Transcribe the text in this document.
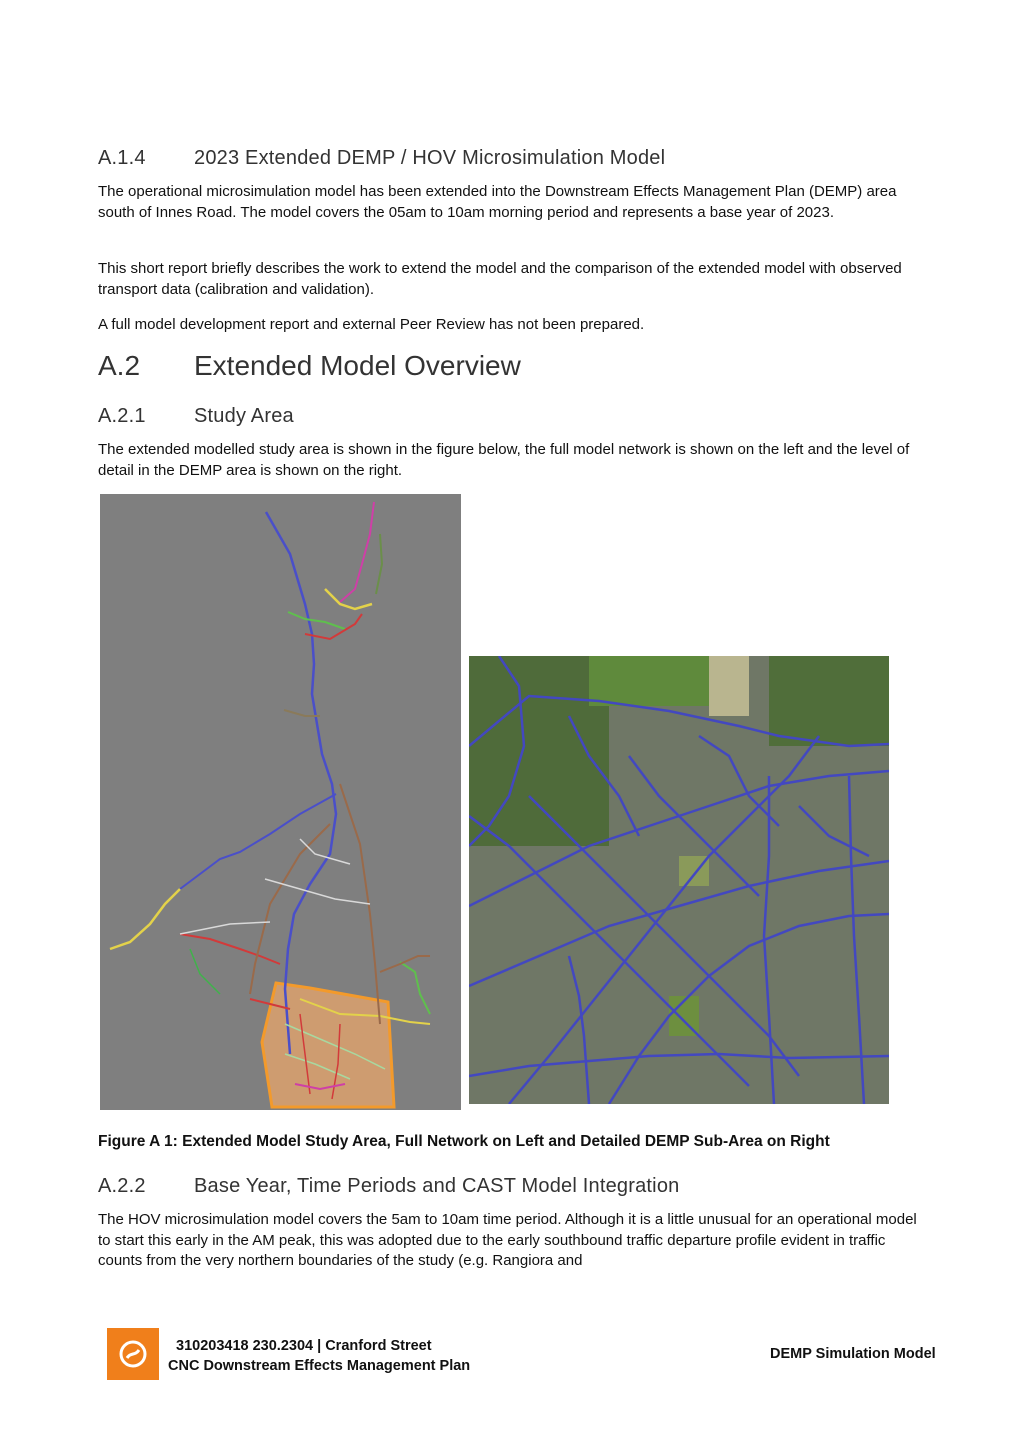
A.1.4 2023 Extended DEMP / HOV Microsimulation Model

The operational microsimulation model has been extended into the Downstream Effects Management Plan (DEMP) area south of Innes Road. The model covers the 05am to 10am morning period and represents a base year of 2023.

This short report briefly describes the work to extend the model and the comparison of the extended model with observed transport data (calibration and validation).

A full model development report and external Peer Review has not been prepared.

A.2 Extended Model Overview
A.2.1 Study Area

The extended modelled study area is shown in the figure below, the full model network is shown on the left and the level of detail in the DEMP area is shown on the right.

Figure A 1: Extended Model Study Area, Full Network on Left and Detailed DEMP Sub-Area on Right

A.2.2 Base Year, Time Periods and CAST Model Integration

The HOV microsimulation model covers the 5am to 10am time period. Although it is a little unusual for an operational model to start this early in the AM peak, this was adopted due to the early southbound traffic departure profile evident in traffic counts from the very northern boundaries of the study (e.g. Rangiora and

310203418 230.2304 | Cranford Street
CNC Downstream Effects Management Plan
DEMP Simulation Model
